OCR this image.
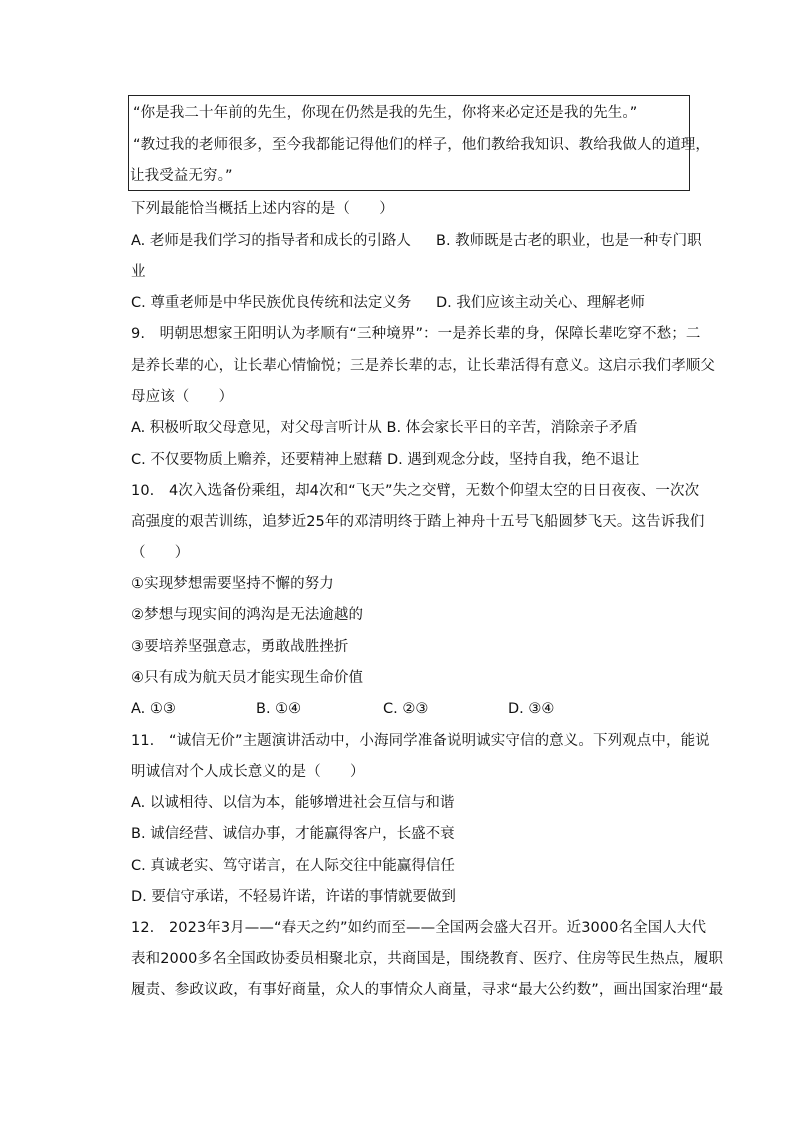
“你是我二十年前的先生，你现在仍然是我的先生，你将来必定还是我的先生。”
“教过我的老师很多，至今我都能记得他们的样子，他们教给我知识、教给我做人的道理，
让我受益无穷。”
下列最能恰当概括上述内容的是（　　）
A. 老师是我们学习的指导者和成长的引路人 B. 教师既是古老的职业，也是一种专门职
业
C. 尊重老师是中华民族优良传统和法定义务 D. 我们应该主动关心、理解老师
9.　明朝思想家王阳明认为孝顺有“三种境界”：一是养长辈的身，保障长辈吃穿不愁；二
是养长辈的心，让长辈心情愉悦；三是养长辈的志，让长辈活得有意义。这启示我们孝顺父
母应该（　　）
A. 积极听取父母意见，对父母言听计从 B. 体会家长平日的辛苦，消除亲子矛盾
C. 不仅要物质上赡养，还要精神上慰藉 D. 遇到观念分歧，坚持自我，绝不退让
10.　4次入选备份乘组，却4次和“飞天”失之交臂，无数个仰望太空的日日夜夜、一次次
高强度的艰苦训练，追梦近25年的邓清明终于踏上神舟十五号飞船圆梦飞天。这告诉我们
（　　）
①实现梦想需要坚持不懈的努力
②梦想与现实间的鸿沟是无法逾越的
③要培养坚强意志，勇敢战胜挫折
④只有成为航天员才能实现生命价值
A. ①③	B. ①④	C. ②③	D. ③④
11.　“诚信无价”主题演讲活动中，小海同学准备说明诚实守信的意义。下列观点中，能说
明诚信对个人成长意义的是（　　）
A. 以诚相待、以信为本，能够增进社会互信与和谐
B. 诚信经营、诚信办事，才能赢得客户，长盛不衰
C. 真诚老实、笃守诺言，在人际交往中能赢得信任
D. 要信守承诺，不轻易许诺，许诺的事情就要做到
12.　2023年3月——“春天之约”如约而至——全国两会盛大召开。近3000名全国人大代
表和2000多名全国政协委员相聚北京，共商国是，围绕教育、医疗、住房等民生热点，履职
履责、参政议政，有事好商量，众人的事情众人商量，寻求“最大公约数”，画出国家治理“最
